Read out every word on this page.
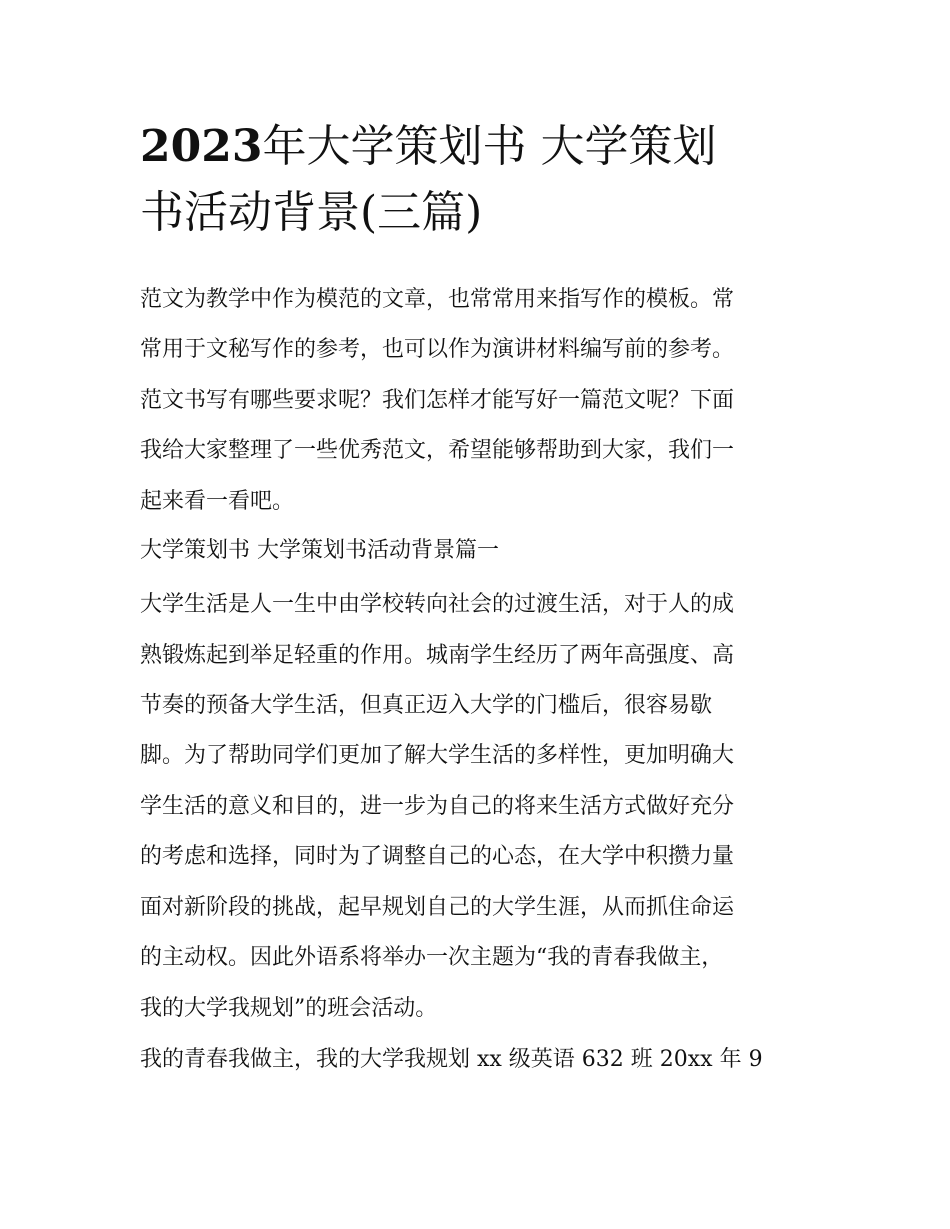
2023年大学策划书 大学策划
书活动背景(三篇)

范文为教学中作为模范的文章，也常常用来指写作的模板。常

常用于文秘写作的参考，也可以作为演讲材料编写前的参考。

范文书写有哪些要求呢？我们怎样才能写好一篇范文呢？下面

我给大家整理了一些优秀范文，希望能够帮助到大家，我们一

起来看一看吧。

大学策划书 大学策划书活动背景篇一

大学生活是人一生中由学校转向社会的过渡生活，对于人的成

熟锻炼起到举足轻重的作用。城南学生经历了两年高强度、高

节奏的预备大学生活，但真正迈入大学的门槛后，很容易歇

脚。为了帮助同学们更加了解大学生活的多样性，更加明确大

学生活的意义和目的，进一步为自己的将来生活方式做好充分

的考虑和选择，同时为了调整自己的心态，在大学中积攒力量

面对新阶段的挑战，起早规划自己的大学生涯，从而抓住命运

的主动权。因此外语系将举办一次主题为“我的青春我做主，

我的大学我规划”的班会活动。

我的青春我做主，我的大学我规划 xx 级英语 632 班 20xx 年 9
